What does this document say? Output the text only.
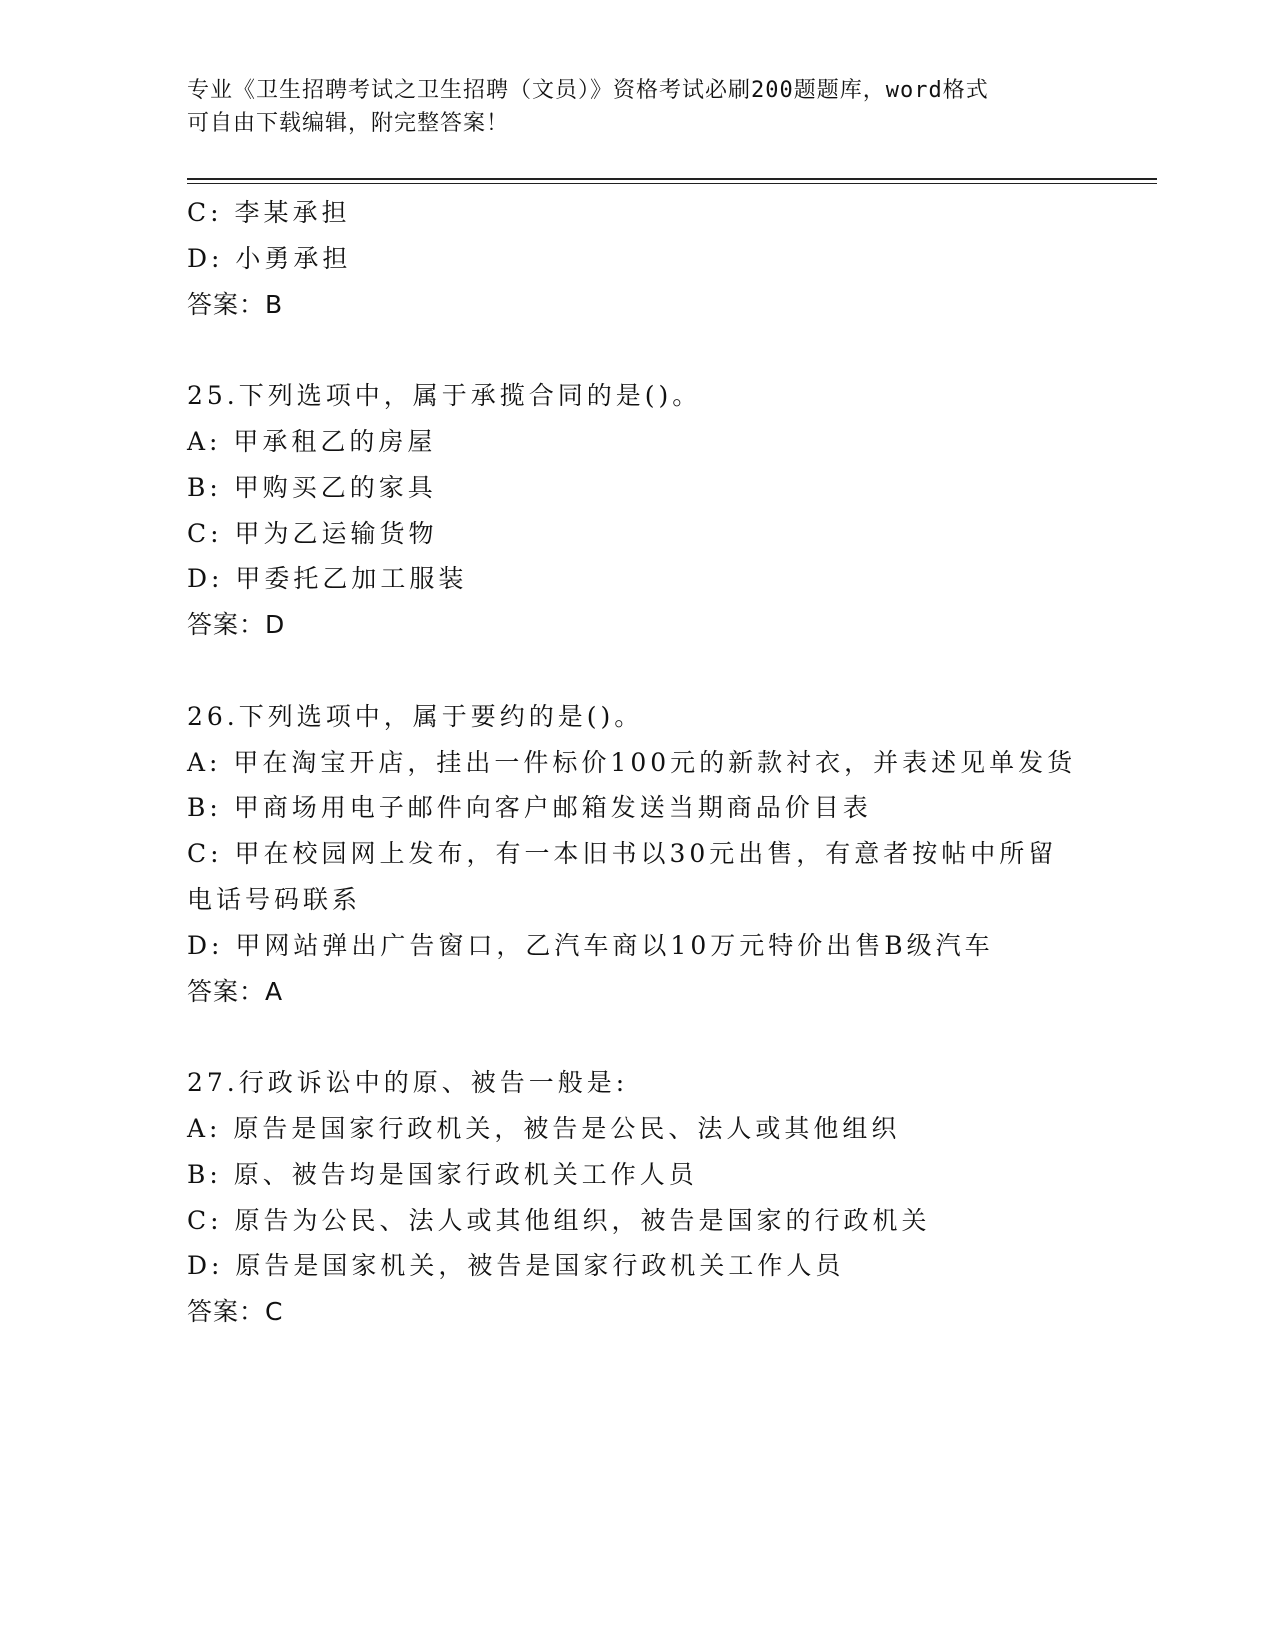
专业《卫生招聘考试之卫生招聘（文员）》资格考试必刷200题题库，word格式
可自由下载编辑，附完整答案！
C: 李某承担
D: 小勇承担
答案：B
25.下列选项中，属于承揽合同的是()。
A: 甲承租乙的房屋
B: 甲购买乙的家具
C: 甲为乙运输货物
D: 甲委托乙加工服装
答案：D
26.下列选项中，属于要约的是()。
A: 甲在淘宝开店，挂出一件标价100元的新款衬衣，并表述见单发货
B: 甲商场用电子邮件向客户邮箱发送当期商品价目表
C: 甲在校园网上发布，有一本旧书以30元出售，有意者按帖中所留
电话号码联系
D: 甲网站弹出广告窗口，乙汽车商以10万元特价出售B级汽车
答案：A
27.行政诉讼中的原、被告一般是:
A: 原告是国家行政机关，被告是公民、法人或其他组织
B: 原、被告均是国家行政机关工作人员
C: 原告为公民、法人或其他组织，被告是国家的行政机关
D: 原告是国家机关，被告是国家行政机关工作人员
答案：C
